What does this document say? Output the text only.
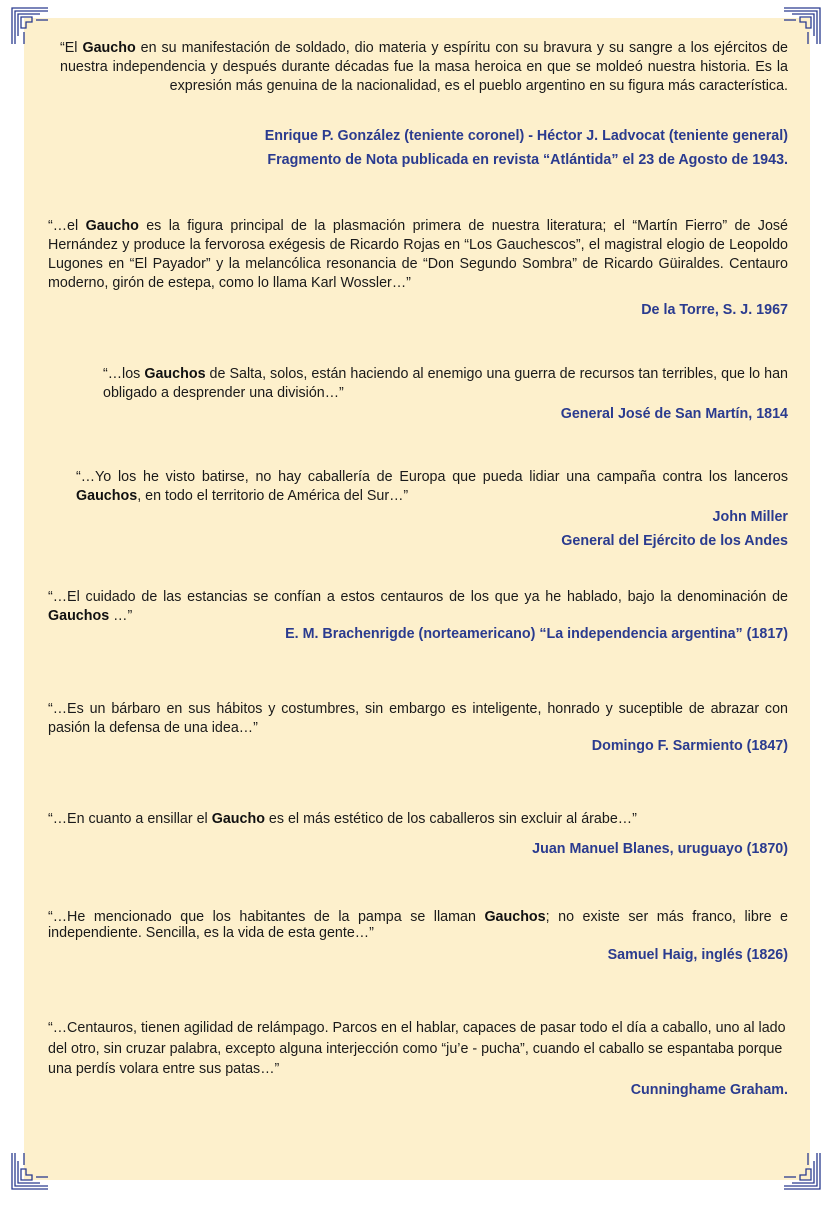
“El Gaucho en su manifestación de soldado, dio materia y espíritu con su bravura y su sangre a los ejércitos de nuestra independencia y después durante décadas fue la masa heroica en que se moldeó nuestra historia. Es la expresión más genuina de la nacionalidad, es el pueblo argentino en su figura más característica.

Enrique P. González (teniente coronel) - Héctor J. Ladvocat (teniente general)
Fragmento de Nota publicada en revista “Atlántida” el 23 de Agosto de 1943.

“…el Gaucho es la figura principal de la plasmación primera de nuestra literatura; el “Martín Fierro” de José Hernández y produce la fervorosa exégesis de Ricardo Rojas en “Los Gauchescos”, el magistral elogio de Leopoldo Lugones en “El Payador” y la melancólica resonancia de “Don Segundo Sombra” de Ricardo Güiraldes. Centauro moderno, girón de estepa, como lo llama Karl Wossler…”

De la Torre, S. J. 1967

“…los Gauchos de Salta, solos, están haciendo al enemigo una guerra de recursos tan terribles, que lo han obligado a desprender una división…”

General José de San Martín, 1814

“…Yo los he visto batirse, no hay caballería de Europa que pueda lidiar una campaña contra los lanceros Gauchos, en todo el territorio de América del Sur…”

John Miller
General del Ejército de los Andes

“…El cuidado de las estancias se confían a estos centauros de los que ya he hablado, bajo la denominación de Gauchos …”

E. M. Brachenrigde (norteamericano) “La independencia argentina” (1817)

“…Es un bárbaro en sus hábitos y costumbres, sin embargo es inteligente, honrado y suceptible de abrazar con pasión la defensa de una idea…”

Domingo F. Sarmiento (1847)

“…En cuanto a ensillar el Gaucho es el más estético de los caballeros sin excluir al árabe…”

Juan Manuel Blanes, uruguayo (1870)

“…He mencionado que los habitantes de la pampa se llaman Gauchos; no existe ser más franco, libre e independiente. Sencilla, es la vida de esta gente…”

Samuel Haig, inglés (1826)

“…Centauros, tienen agilidad de relámpago. Parcos en el hablar, capaces de pasar todo el día a caballo, uno al lado del otro, sin cruzar palabra, excepto alguna interjección como “ju’e - pucha”, cuando el caballo se espantaba porque una perdís volara entre sus patas…”

Cunninghame Graham.
